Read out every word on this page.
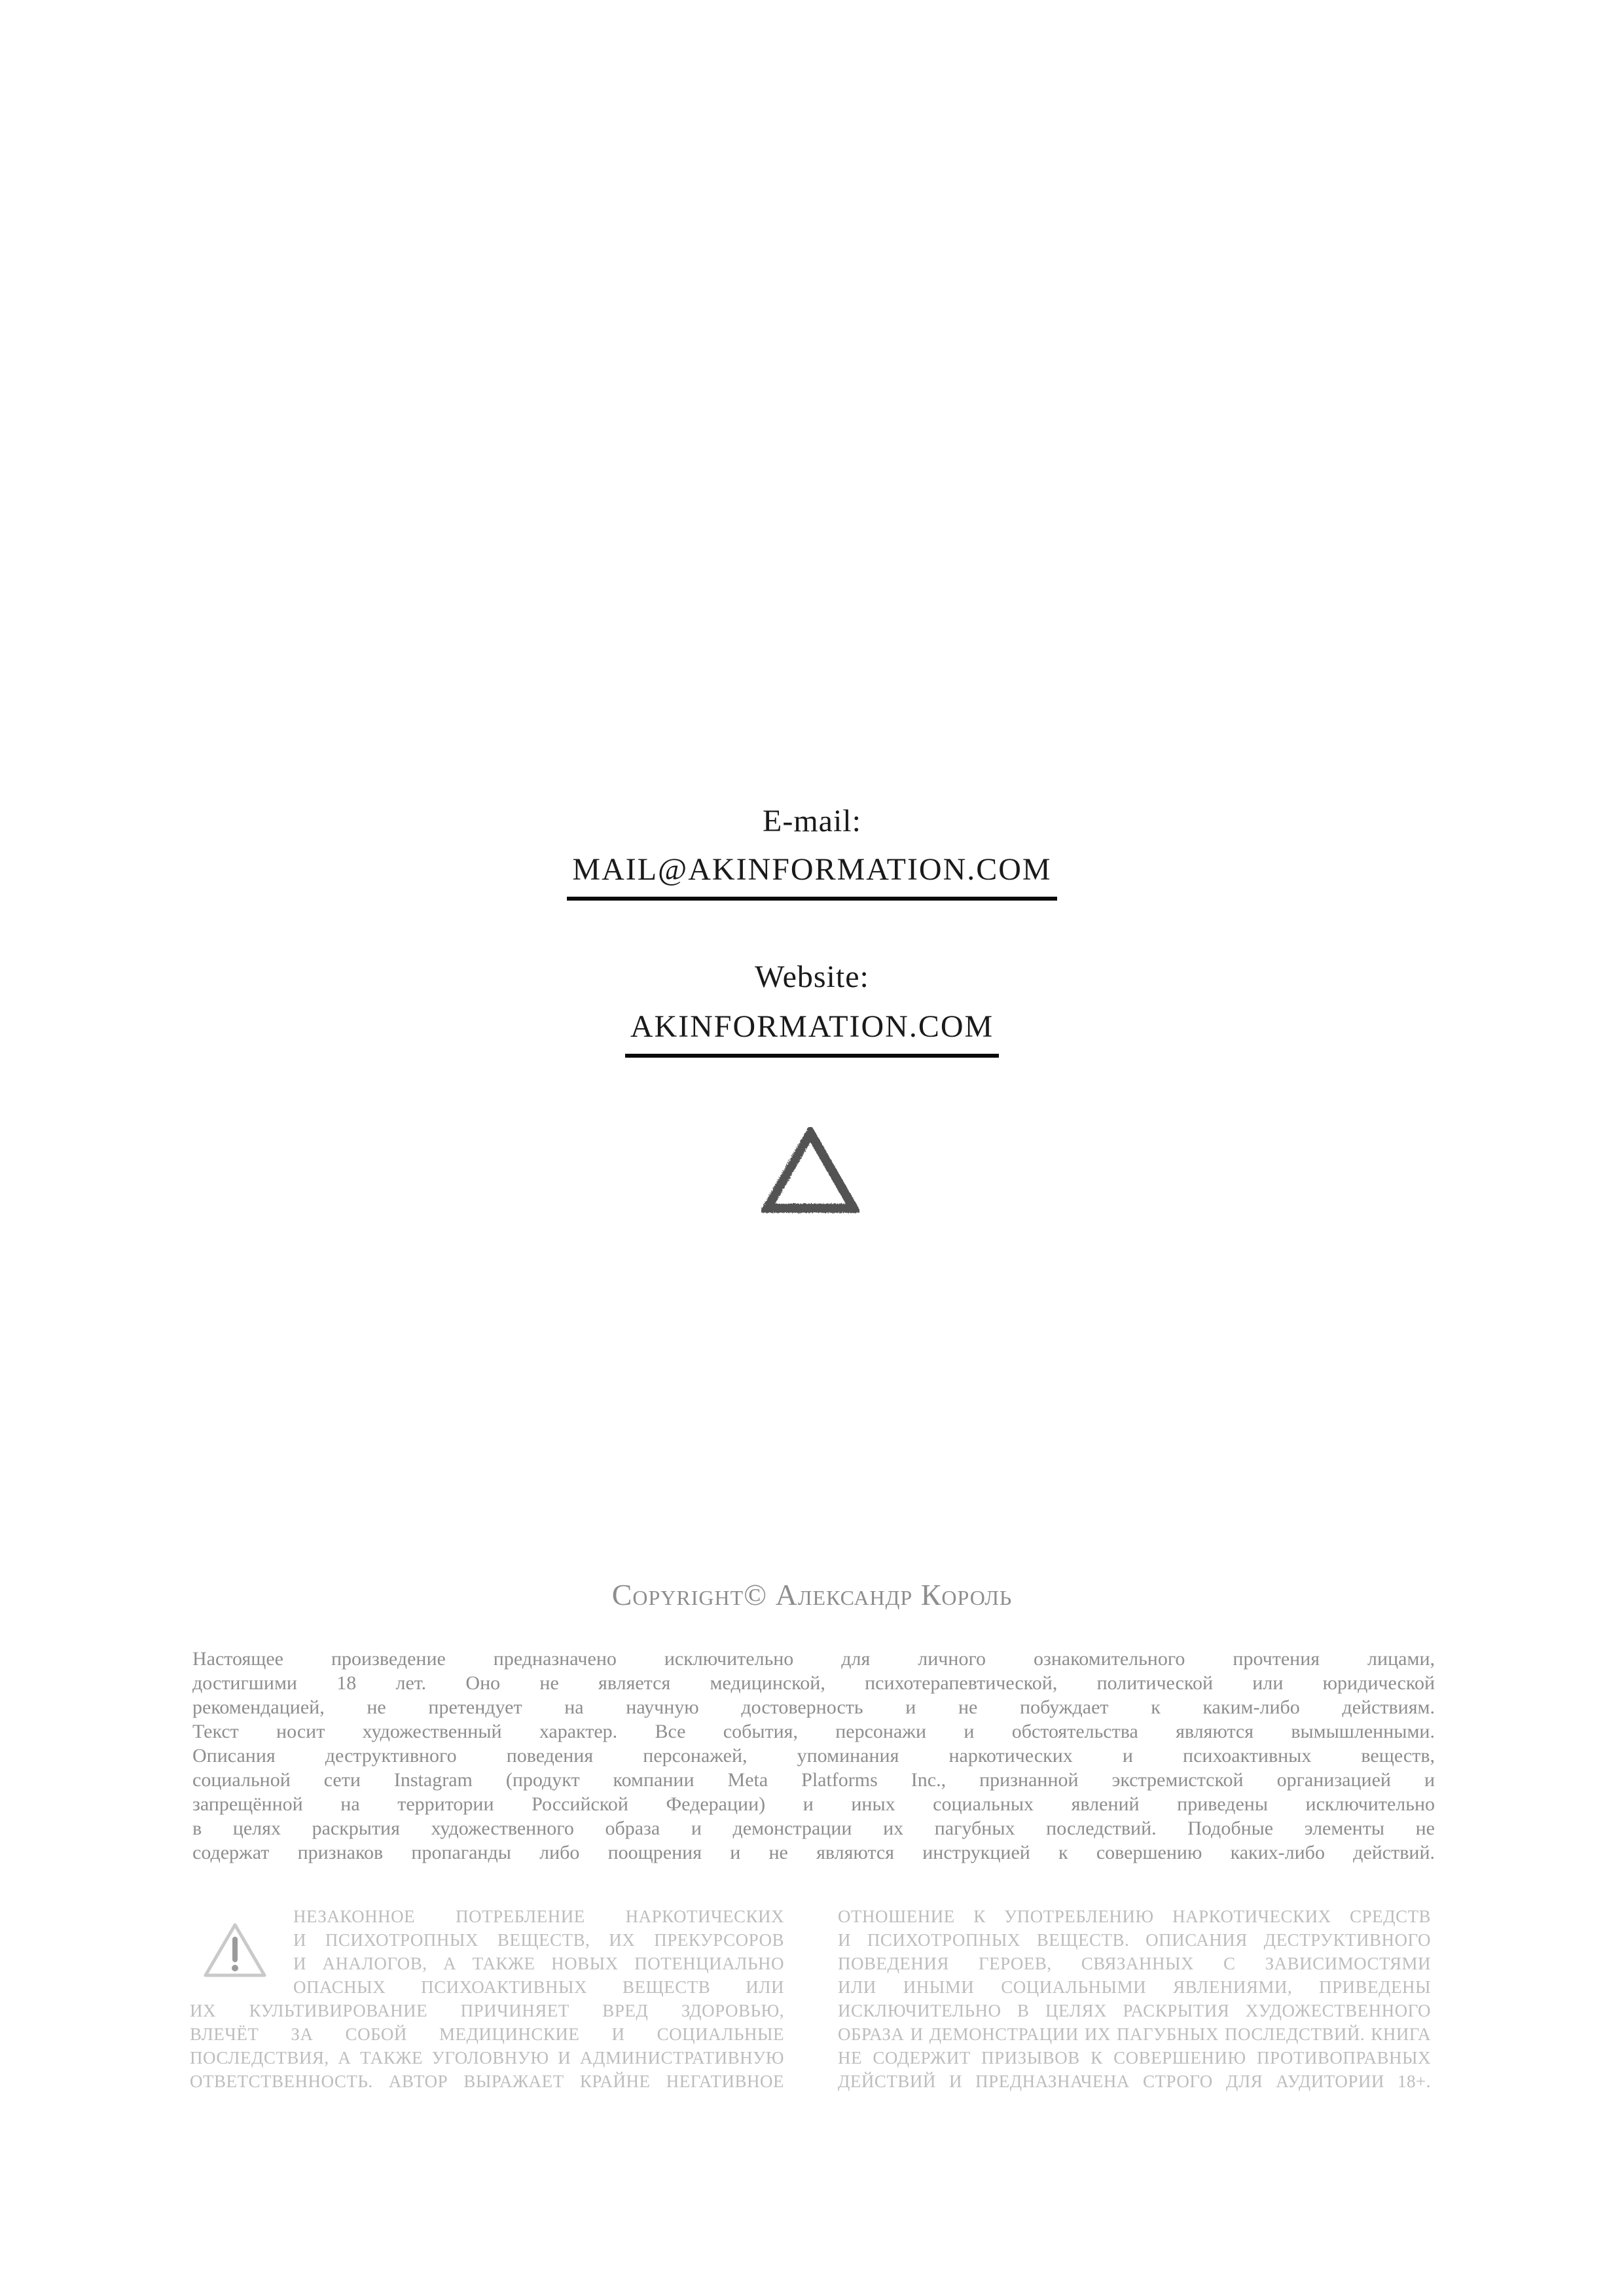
E-mail:
MAIL@AKINFORMATION.COM
Website:
AKINFORMATION.COM
Copyright© Александр Король
Настоящее произведение предназначено исключительно для личного ознакомительного прочтения лицами,
достигшими 18 лет. Оно не является медицинской, психотерапевтической, политической или юридической
рекомендацией, не претендует на научную достоверность и не побуждает к каким-либо действиям.
Текст носит художественный характер. Все события, персонажи и обстоятельства являются вымышленными.
Описания деструктивного поведения персонажей, упоминания наркотических и психоактивных веществ,
социальной сети Instagram (продукт компании Meta Platforms Inc., признанной экстремистской организацией и
запрещённой на территории Российской Федерации) и иных социальных явлений приведены исключительно
в целях раскрытия художественного образа и демонстрации их пагубных последствий. Подобные элементы не
содержат признаков пропаганды либо поощрения и не являются инструкцией к совершению каких-либо действий.
НЕЗАКОННОЕ ПОТРЕБЛЕНИЕ НАРКОТИЧЕСКИХ
И ПСИХОТРОПНЫХ ВЕЩЕСТВ, ИХ ПРЕКУРСОРОВ
И АНАЛОГОВ, А ТАКЖЕ НОВЫХ ПОТЕНЦИАЛЬНО
ОПАСНЫХ ПСИХОАКТИВНЫХ ВЕЩЕСТВ ИЛИ
ИХ КУЛЬТИВИРОВАНИЕ ПРИЧИНЯЕТ ВРЕД ЗДОРОВЬЮ,
ВЛЕЧЁТ ЗА СОБОЙ МЕДИЦИНСКИЕ И СОЦИАЛЬНЫЕ
ПОСЛЕДСТВИЯ, А ТАКЖЕ УГОЛОВНУЮ И АДМИНИСТРАТИВНУЮ
ОТВЕТСТВЕННОСТЬ. АВТОР ВЫРАЖАЕТ КРАЙНЕ НЕГАТИВНОЕ
ОТНОШЕНИЕ К УПОТРЕБЛЕНИЮ НАРКОТИЧЕСКИХ СРЕДСТВ
И ПСИХОТРОПНЫХ ВЕЩЕСТВ. ОПИСАНИЯ ДЕСТРУКТИВНОГО
ПОВЕДЕНИЯ ГЕРОЕВ, СВЯЗАННЫХ С ЗАВИСИМОСТЯМИ
ИЛИ ИНЫМИ СОЦИАЛЬНЫМИ ЯВЛЕНИЯМИ, ПРИВЕДЕНЫ
ИСКЛЮЧИТЕЛЬНО В ЦЕЛЯХ РАСКРЫТИЯ ХУДОЖЕСТВЕННОГО
ОБРАЗА И ДЕМОНСТРАЦИИ ИХ ПАГУБНЫХ ПОСЛЕДСТВИЙ. КНИГА
НЕ СОДЕРЖИТ ПРИЗЫВОВ К СОВЕРШЕНИЮ ПРОТИВОПРАВНЫХ
ДЕЙСТВИЙ И ПРЕДНАЗНАЧЕНА СТРОГО ДЛЯ АУДИТОРИИ 18+.
